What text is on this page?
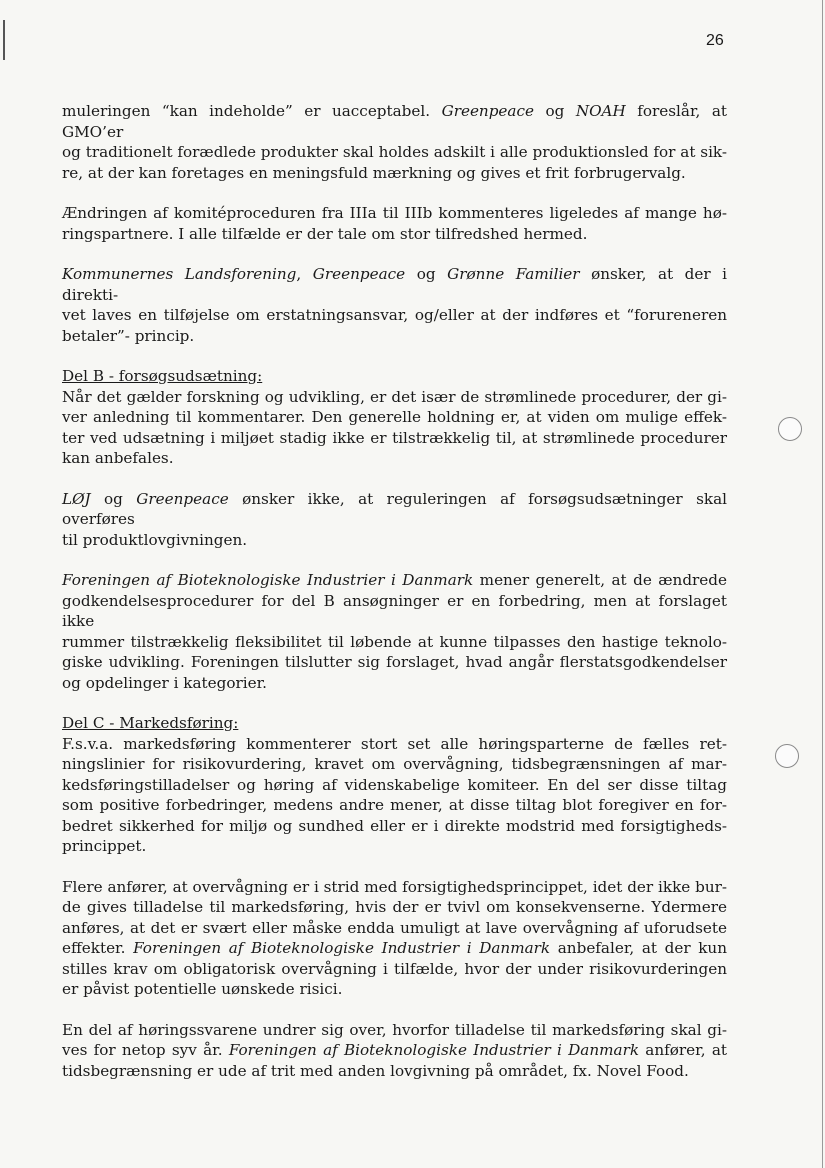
26
muleringen “kan indeholde” er uacceptabel. Greenpeace og NOAH foreslår, at GMO’er
og traditionelt forædlede produkter skal holdes adskilt i alle produktionsled for at sik-
re, at der kan foretages en meningsfuld mærkning og gives et frit forbrugervalg.
Ændringen af komitéproceduren fra IIIa til IIIb kommenteres ligeledes af mange hø-
ringspartnere. I alle tilfælde er der tale om stor tilfredshed hermed.
Kommunernes Landsforening, Greenpeace og Grønne Familier ønsker, at der i direkti-
vet laves en tilføjelse om erstatningsansvar, og/eller at der indføres et “forureneren
betaler”- princip.
Del B - forsøgsudsætning:
Når det gælder forskning og udvikling, er det især de strømlinede procedurer, der gi-
ver anledning til kommentarer. Den generelle holdning er, at viden om mulige effek-
ter ved udsætning i miljøet stadig ikke er tilstrækkelig til, at strømlinede procedurer
kan anbefales.
LØJ og Greenpeace ønsker ikke, at reguleringen af forsøgsudsætninger skal overføres
til produktlovgivningen.
Foreningen af Bioteknologiske Industrier i Danmark mener generelt, at de ændrede
godkendelsesprocedurer for del B ansøgninger er en forbedring, men at forslaget ikke
rummer tilstrækkelig fleksibilitet til løbende at kunne tilpasses den hastige teknolo-
giske udvikling. Foreningen tilslutter sig forslaget, hvad angår flerstatsgodkendelser
og opdelinger i kategorier.
Del C - Markedsføring:
F.s.v.a. markedsføring kommenterer stort set alle høringsparterne de fælles ret-
ningslinier for risikovurdering, kravet om overvågning, tidsbegrænsningen af mar-
kedsføringstilladelser og høring af videnskabelige komiteer. En del ser disse tiltag
som positive forbedringer, medens andre mener, at disse tiltag blot foregiver en for-
bedret sikkerhed for miljø og sundhed eller er i direkte modstrid med forsigtigheds-
princippet.
Flere anfører, at overvågning er i strid med forsigtighedsprincippet, idet der ikke bur-
de gives tilladelse til markedsføring, hvis der er tvivl om konsekvenserne. Ydermere
anføres, at det er svært eller måske endda umuligt at lave overvågning af uforudsete
effekter. Foreningen af Bioteknologiske Industrier i Danmark anbefaler, at der kun
stilles krav om obligatorisk overvågning i tilfælde, hvor der under risikovurderingen
er påvist potentielle uønskede risici.
En del af høringssvarene undrer sig over, hvorfor tilladelse til markedsføring skal gi-
ves for netop syv år. Foreningen af Bioteknologiske Industrier i Danmark anfører, at
tidsbegrænsning er ude af trit med anden lovgivning på området, fx. Novel Food.
